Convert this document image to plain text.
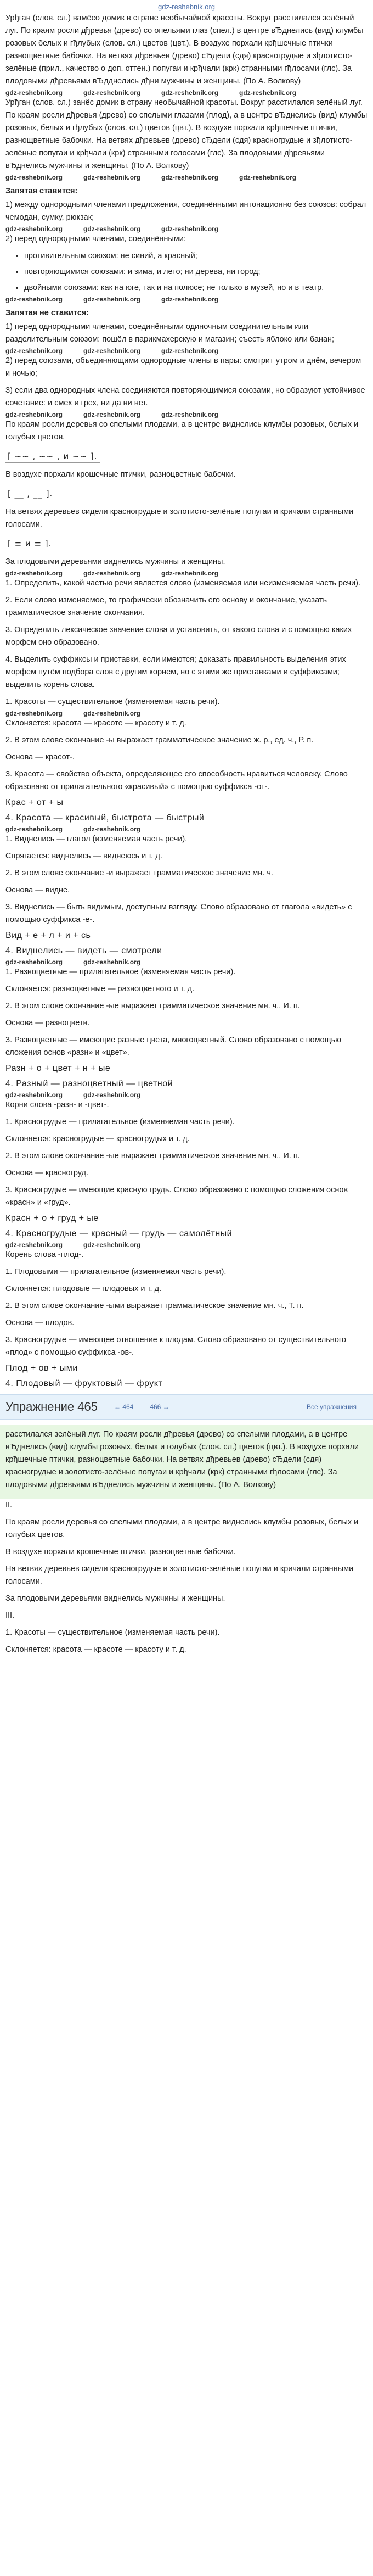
gdz-reshebnik.org

Урђган (слов. сл.) вамёсо домик в стране необычайной красоты. Вокруг расстилался зелёный луг. По краям росли дђревья (древо) со опельями глаз (спел.) в центре вЂднелись (вид) клумбы розовых белых и гђлубых (слов. сл.) цветов (цвт.). В воздухе порхали крђшечные птички разнощветные бабочки. На ветвях дђревьев (древо) сЂдели (сдя) красногрудые и зђлотисто-зелёные (прил., качество о доп. оттен.) попугаи и крђчали (крк) странными гђлосами (глс). За плодовыми дђревьями вЂдднелись дђни мужчины и женщины. (По А. Волкову)

gdz-reshebnik.org	gdz-reshebnik.org	gdz-reshebnik.org	gdz-reshebnik.org

Урђган (слов. сл.) занёс домик в страну необычайной красоты. Вокруг расстилался зелёный луг. По краям росли дђревья (древо) со спелыми глазами (плод), а в центре вЂднелись (вид) клумбы розовых, белых и гђлубых (слов. сл.) цветов (цвт.). В воздухе порхали крђшечные птички, разнощветные бабочки. На ветвях дђревьев (древо) сЂдели (сдя) красногрудые и зђлотисто-зелёные попугаи и крђчали (крк) странными голосами (глс). За плодовыми дђревьями вЂднелись мужчины и женщины. (По А. Волкову)

gdz-reshebnik.org	gdz-reshebnik.org	gdz-reshebnik.org	gdz-reshebnik.org
Запятая ставится:

1) между однородными членами предложения, соединёнными интонационно без союзов: собрал чемодан, сумку, рюкзак;

gdz-reshebnik.org	gdz-reshebnik.org	gdz-reshebnik.org

2) перед однородными членами, соединёнными:

• противительным союзом: не синий, а красный;
• повторяющимися союзами: и зима, и лето; ни дерева, ни город;
• двойными союзами: как на юге, так и на полюсе; не только в музей, но и в театр.
gdz-reshebnik.org	gdz-reshebnik.org	gdz-reshebnik.org
Запятая не ставится:

1) перед однородными членами, соединёнными одиночным соединительным или разделительным союзом: пошёл в парикмахерскую и магазин; съесть яблоко или банан;

gdz-reshebnik.org	gdz-reshebnik.org	gdz-reshebnik.org

2) перед союзами, объединяющими однородные члены в пары: смотрит утром и днём, вечером и ночью;

3) если два однородных члена соединяются повторяющимися союзами, но образуют устойчивое сочетание: и смех и грех, ни да ни нет.

gdz-reshebnik.org	gdz-reshebnik.org	gdz-reshebnik.org

По краям росли деревья со спелыми плодами, а в центре виднелись клумбы розовых, белых и голубых цветов.

[ ~~ , ~~ , и ~~ ].

В воздухе порхали крошечные птички, разноцветные бабочки.

[ __ , __ ].

На ветвях деревьев сидели красногрудые и золотисто-зелёные попугаи и кричали странными голосами.

[ ≡ и ≡ ].

За плодовыми деревьями виднелись мужчины и женщины.

gdz-reshebnik.org	gdz-reshebnik.org	gdz-reshebnik.org

1. Определить, какой частью речи является слово (изменяемая или неизменяемая часть речи).

2. Если слово изменяемое, то графически обозначить его основу и окончание, указать грамматическое значение окончания.

3. Определить лексическое значение слова и установить, от какого слова и с помощью каких морфем оно образовано.

4. Выделить суффиксы и приставки, если имеются; доказать правильность выделения этих морфем путём подбора слов с другим корнем, но с этими же приставками и суффиксами; выделить корень слова.

1. Красоты — существительное (изменяемая часть речи).

gdz-reshebnik.org	gdz-reshebnik.org

Склоняется: красота — красоте — красоту и т. д.

2. В этом слове окончание -ы выражает грамматическое значение ж. р., ед. ч., Р. п.

Основа — красот-.

3. Красота — свойство объекта, определяющее его способность нравиться человеку. Слово образовано от прилагательного «красивый» с помощью суффикса -от-.

Крас + от + ы
4. Красота — красивый, быстрота — быстрый
gdz-reshebnik.org	gdz-reshebnik.org

1. Виднелись — глагол (изменяемая часть речи).

Спрягается: виднелись — виднеюсь и т. д.

2. В этом слове окончание -и выражает грамматическое значение мн. ч.

Основа — видне.

3. Виднелись — быть видимым, доступным взгляду. Слово образовано от глагола «видеть» с помощью суффикса -е-.

Вид + е + л + и + сь
4. Виднелись — видеть — смотрели
gdz-reshebnik.org	gdz-reshebnik.org

1. Разноцветные — прилагательное (изменяемая часть речи).

Склоняется: разноцветные — разноцветного и т. д.

2. В этом слове окончание -ые выражает грамматическое значение мн. ч., И. п.

Основа — разноцветн.

3. Разноцветные — имеющие разные цвета, многоцветный. Слово образовано с помощью сложения основ «разн» и «цвет».

Разн + о + цвет + н + ые
4. Разный — разноцветный — цветной
gdz-reshebnik.org	gdz-reshebnik.org

Корни слова -разн- и -цвет-.

1. Красногрудые — прилагательное (изменяемая часть речи).

Склоняется: красногрудые — красногрудых и т. д.

2. В этом слове окончание -ые выражает грамматическое значение мн. ч., И. п.

Основа — красногруд.

3. Красногрудые — имеющие красную грудь. Слово образовано с помощью сложения основ «красн» и «груд».

Красн + о + груд + ые
4. Красногрудые — красный — грудь — самолётный
gdz-reshebnik.org	gdz-reshebnik.org

Корень слова -плод-.

1. Плодовыми — прилагательное (изменяемая часть речи).

Склоняется: плодовые — плодовых и т. д.

2. В этом слове окончание -ыми выражает грамматическое значение мн. ч., Т. п.

Основа — плодов.

3. Красногрудые — имеющее отношение к плодам. Слово образовано от существительного «плод» с помощью суффикса -ов-.

Плод + ов + ыми
4. Плодовый — фруктовый — фрукт
Упражнение 465	← 464	466 →	Все упражнения

расстилался зелёный луг. По краям росли дђревья (древо) со спелыми плодами, а в центре вЂднелись (вид) клумбы розовых, белых и голубых (слов. сл.) цветов (цвт.). В воздухе порхали крђшечные птички, разноцветные бабочки. На ветвях дђревьев (древо) сЂдели (сдя) красногрудые и золотисто-зелёные попугаи и крђчали (крк) странными гђлосами (глс). За плодовыми дђревьями вЂднелись мужчины и женщины. (По А. Волкову)

II.

По краям росли деревья со спелыми плодами, а в центре виднелись клумбы розовых, белых и голубых цветов.

В воздухе порхали крошечные птички, разноцветные бабочки.

На ветвях деревьев сидели красногрудые и золотисто-зелёные попугаи и кричали странными голосами.

За плодовыми деревьями виднелись мужчины и женщины.

III.

1. Красоты — существительное (изменяемая часть речи).

Склоняется: красота — красоте — красоту и т. д.
